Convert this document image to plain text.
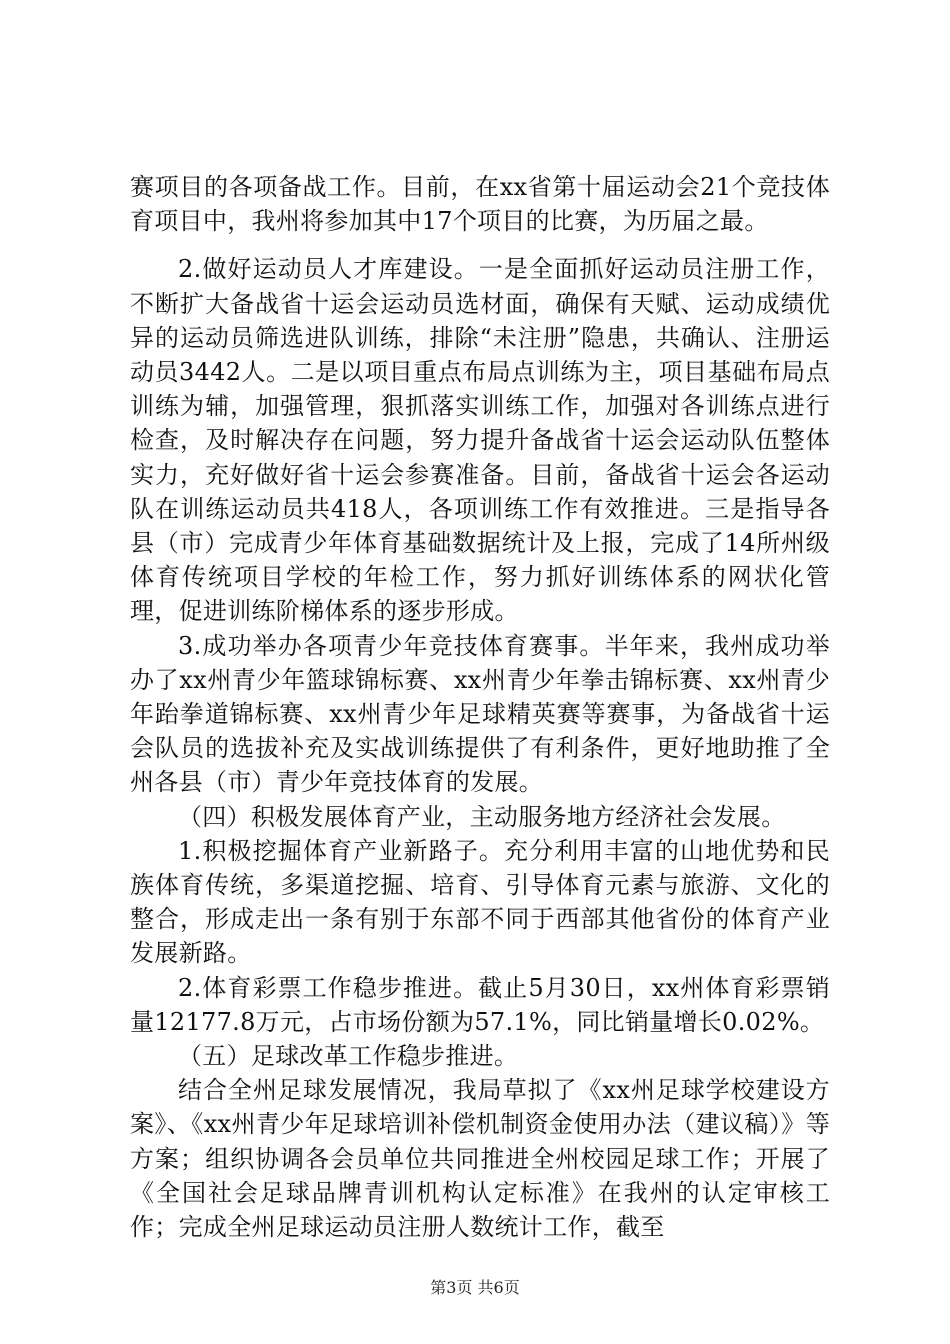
赛项目的各项备战工作。目前，在xx省第十届运动会21个竞技体育项目中，我州将参加其中17个项目的比赛，为历届之最。

2.做好运动员人才库建设。一是全面抓好运动员注册工作，不断扩大备战省十运会运动员选材面，确保有天赋、运动成绩优异的运动员筛选进队训练，排除“未注册”隐患，共确认、注册运动员3442人。二是以项目重点布局点训练为主，项目基础布局点训练为辅，加强管理，狠抓落实训练工作，加强对各训练点进行检查，及时解决存在问题，努力提升备战省十运会运动队伍整体实力，充好做好省十运会参赛准备。目前，备战省十运会各运动队在训练运动员共418人，各项训练工作有效推进。三是指导各县（市）完成青少年体育基础数据统计及上报，完成了14所州级体育传统项目学校的年检工作，努力抓好训练体系的网状化管理，促进训练阶梯体系的逐步形成。

3.成功举办各项青少年竞技体育赛事。半年来，我州成功举办了xx州青少年篮球锦标赛、xx州青少年拳击锦标赛、xx州青少年跆拳道锦标赛、xx州青少年足球精英赛等赛事，为备战省十运会队员的选拔补充及实战训练提供了有利条件，更好地助推了全州各县（市）青少年竞技体育的发展。

（四）积极发展体育产业，主动服务地方经济社会发展。

1.积极挖掘体育产业新路子。充分利用丰富的山地优势和民族体育传统，多渠道挖掘、培育、引导体育元素与旅游、文化的整合，形成走出一条有别于东部不同于西部其他省份的体育产业发展新路。

2.体育彩票工作稳步推进。截止5月30日，xx州体育彩票销量12177.8万元，占市场份额为57.1%，同比销量增长0.02%。

（五）足球改革工作稳步推进。

结合全州足球发展情况，我局草拟了《xx州足球学校建设方案》、《xx州青少年足球培训补偿机制资金使用办法（建议稿）》等方案；组织协调各会员单位共同推进全州校园足球工作；开展了《全国社会足球品牌青训机构认定标准》在我州的认定审核工作；完成全州足球运动员注册人数统计工作，截至

第3页 共6页
